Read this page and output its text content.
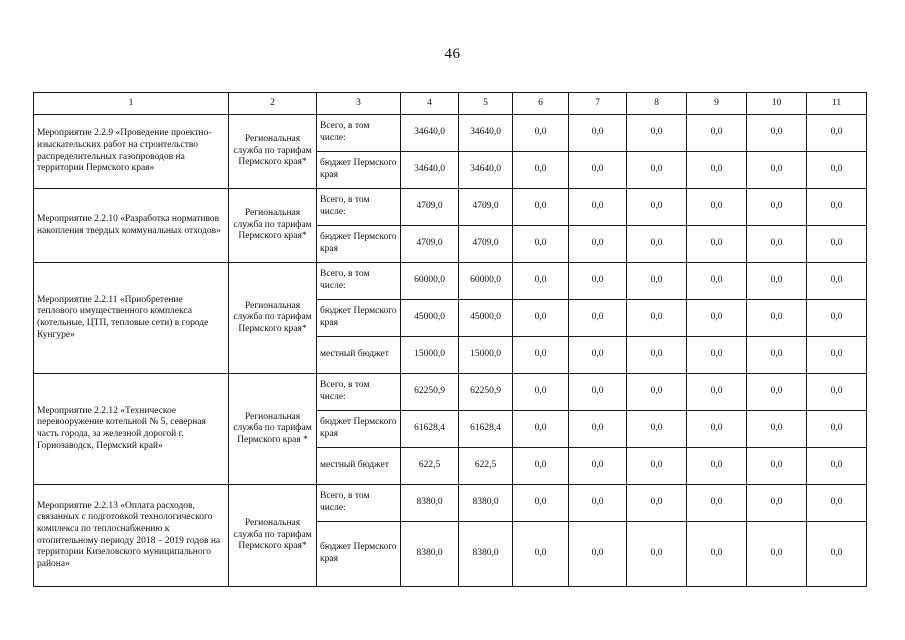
46
1	2	3	4	5	6	7	8	9	10	11
Мероприятие 2.2.9 «Проведение проектно-изыскательских работ на строительство распределительных газопроводов на территории Пермского края»	Региональная служба по тарифам Пермского края*	Всего, в том числе:	34640,0	34640,0	0,0	0,0	0,0	0,0	0,0	0,0
		бюджет Пермского края	34640,0	34640,0	0,0	0,0	0,0	0,0	0,0	0,0
Мероприятие 2.2.10 «Разработка нормативов накопления твердых коммунальных отходов»	Региональная служба по тарифам Пермского края*	Всего, в том числе:	4709,0	4709,0	0,0	0,0	0,0	0,0	0,0	0,0
		бюджет Пермского края	4709,0	4709,0	0,0	0,0	0,0	0,0	0,0	0,0
Мероприятие 2.2.11 «Приобретение теплового имущественного комплекса (котельные, ЦТП, тепловые сети) в городе Кунгуре»	Региональная служба по тарифам Пермского края*	Всего, в том числе:	60000,0	60000,0	0,0	0,0	0,0	0,0	0,0	0,0
		бюджет Пермского края	45000,0	45000,0	0,0	0,0	0,0	0,0	0,0	0,0
		местный бюджет	15000,0	15000,0	0,0	0,0	0,0	0,0	0,0	0,0
Мероприятие 2.2.12 «Техническое перевооружение котельной № 5, северная часть города, за железной дорогой г. Горнозаводск, Пермский край»	Региональная служба по тарифам Пермского края *	Всего, в том числе:	62250,9	62250,9	0,0	0,0	0,0	0,0	0,0	0,0
		бюджет Пермского края	61628,4	61628,4	0,0	0,0	0,0	0,0	0,0	0,0
		местный бюджет	622,5	622,5	0,0	0,0	0,0	0,0	0,0	0,0
Мероприятие 2.2.13 «Оплата расходов, связанных с подготовкой технологического комплекса по теплоснабжению к отопительному периоду 2018 – 2019 годов на территории Кизеловского муниципального района»	Региональная служба по тарифам Пермского края*	Всего, в том числе:	8380,0	8380,0	0,0	0,0	0,0	0,0	0,0	0,0
		бюджет Пермского края	8380,0	8380,0	0,0	0,0	0,0	0,0	0,0	0,0
